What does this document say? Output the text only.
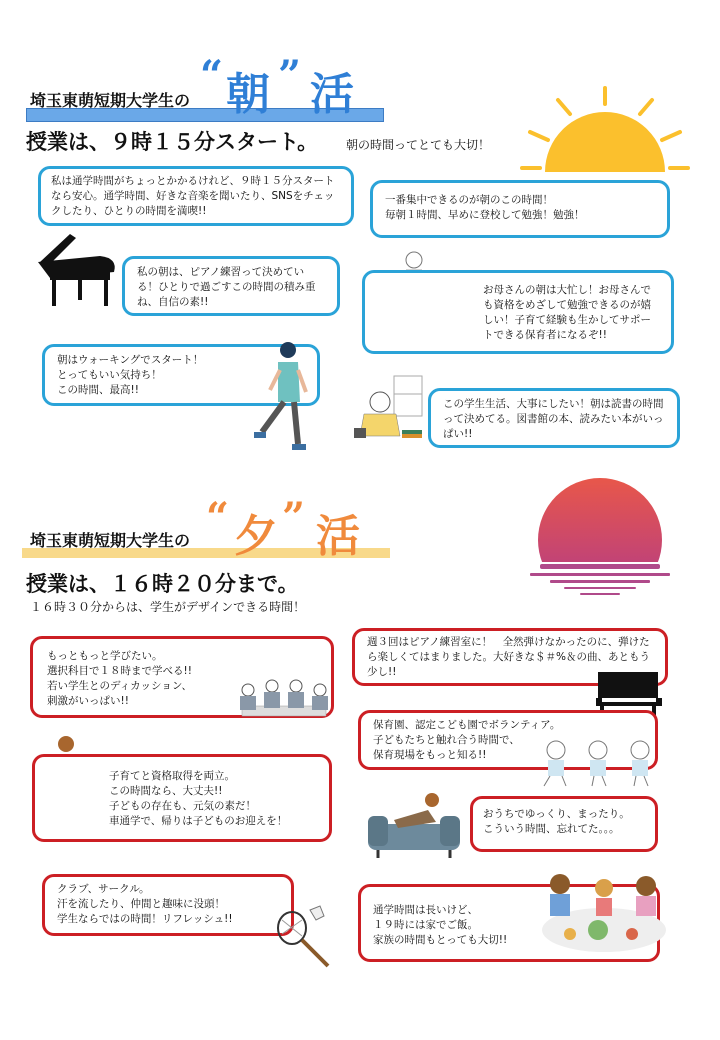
埼玉東萌短期大学生の
“ 朝 ” 活
授業は、９時１５分スタート。 朝の時間ってとても大切！
私は通学時間がちょっとかかるけれど、９時１５分スタートなら安心。通学時間、好きな音楽を聞いたり、SNSをチェックしたり、ひとりの時間を満喫!!
一番集中できるのが朝のこの時間！
毎朝１時間、早めに登校して勉強！勉強！
私の朝は、ピアノ練習って決めている！ひとりで過ごすこの時間の積み重ね、自信の素!!
お母さんの朝は大忙し！お母さんでも資格をめざして勉強できるのが嬉しい！子育て経験も生かしてサポートできる保育者になるぞ!!
朝はウォーキングでスタート！
とってもいい気持ち！
この時間、最高!!
この学生生活、大事にしたい！朝は読書の時間って決めてる。図書館の本、読みたい本がいっぱい!!
埼玉東萌短期大学生の “ 夕 ” 活
授業は、１６時２０分まで。
１６時３０分からは、学生がデザインできる時間！
もっともっと学びたい。
選択科目で１８時まで学べる!!
若い学生とのディカッション、
刺激がいっぱい!!
週３回はピアノ練習室に！　全然弾けなかったのに、弾けたら楽しくてはまりました。大好きな＄＃%＆の曲、あともう少し!!
保育園、認定こども園でボランティア。
子どもたちと触れ合う時間で、
保育現場をもっと知る!!
子育てと資格取得を両立。
この時間なら、大丈夫!!
子どもの存在も、元気の素だ！
車通学で、帰りは子どものお迎えを！
おうちでゆっくり、まったり。
こういう時間、忘れてた。。。
クラブ、サークル。
汗を流したり、仲間と趣味に没頭！
学生ならではの時間！リフレッシュ!!
通学時間は長いけど、
１９時には家でご飯。
家族の時間もとっても大切!!
